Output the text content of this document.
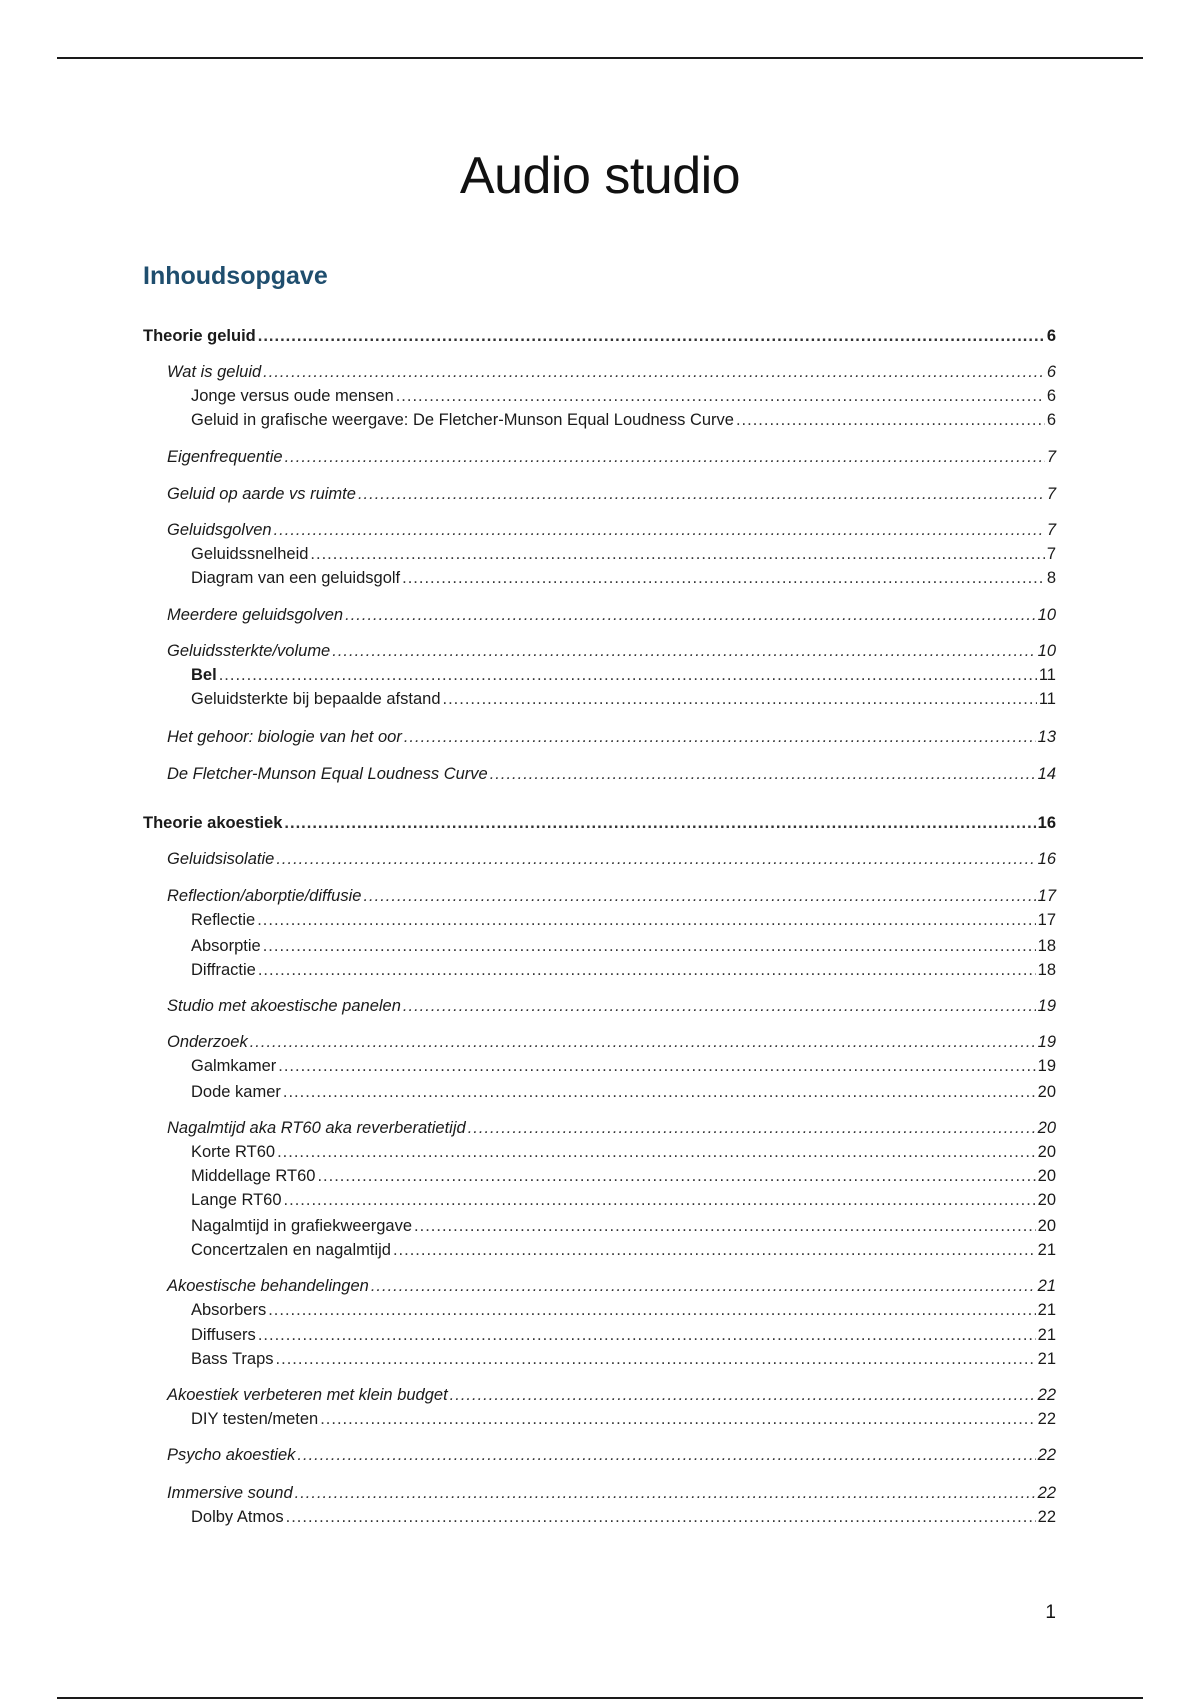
Audio studio
Inhoudsopgave
Theorie geluid .....	6
Wat is geluid .....	6
Jonge versus oude mensen .....	6
Geluid in grafische weergave: De Fletcher-Munson Equal Loudness Curve .....	6
Eigenfrequentie .....	7
Geluid op aarde vs ruimte .....	7
Geluidsgolven .....	7
Geluidssnelheid .....	7
Diagram van een geluidsgolf .....	8
Meerdere geluidsgolven .....	10
Geluidssterkte/volume .....	10
Bel .....	11
Geluidsterkte bij bepaalde afstand .....	11
Het gehoor: biologie van het oor .....	13
De Fletcher-Munson Equal Loudness Curve .....	14
Theorie akoestiek .....	16
Geluidsisolatie .....	16
Reflection/aborptie/diffusie .....	17
Reflectie .....	17
Absorptie .....	18
Diffractie .....	18
Studio met akoestische panelen .....	19
Onderzoek .....	19
Galmkamer .....	19
Dode kamer .....	20
Nagalmtijd aka RT60 aka reverberatietijd .....	20
Korte RT60 .....	20
Middellage RT60 .....	20
Lange RT60 .....	20
Nagalmtijd in grafiekweergave .....	20
Concertzalen en nagalmtijd .....	21
Akoestische behandelingen .....	21
Absorbers .....	21
Diffusers .....	21
Bass Traps .....	21
Akoestiek verbeteren met klein budget .....	22
DIY testen/meten .....	22
Psycho akoestiek .....	22
Immersive sound .....	22
Dolby Atmos .....	22
1
